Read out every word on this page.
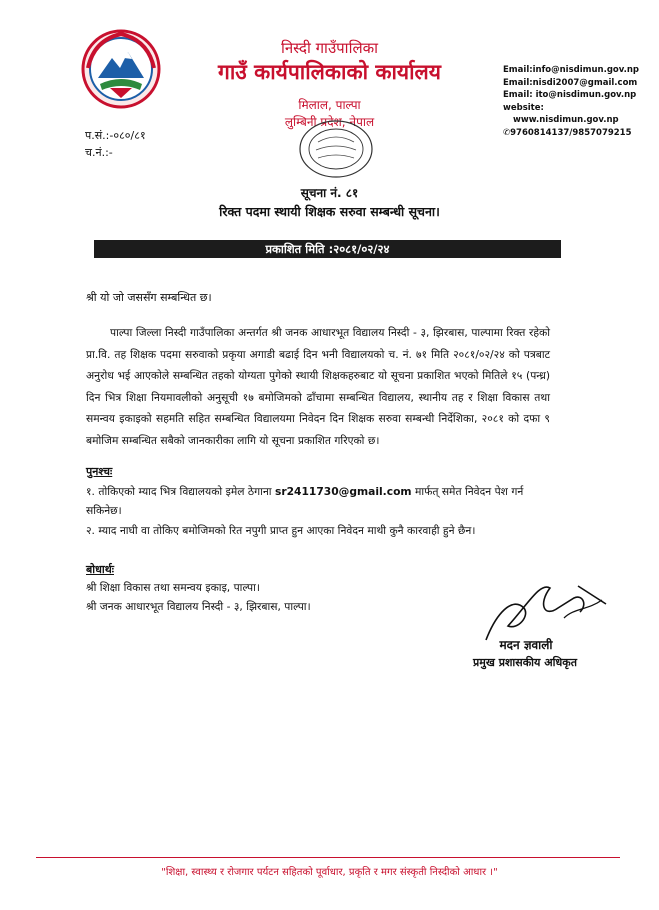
निस्दी गाउँपालिका
गाउँ कार्यपालिकाको कार्यालय
मिलाल, पाल्पा
लुम्बिनी प्रदेश, नेपाल
Email:info@nisdimun.gov.np
Email:nisdi2007@gmail.com
Email: ito@nisdimun.gov.np
website:
www.nisdimun.gov.np
✆9760814137/9857079215
प.सं.:-०८०/८१
च.नं.:-
सूचना नं. ८१
रिक्त पदमा स्थायी शिक्षक सरुवा सम्बन्धी सूचना।
प्रकाशित मिति :२०८१/०२/२४
श्री यो जो जससँग सम्बन्धित छ।
पाल्पा जिल्ला निस्दी गाउँपालिका अन्तर्गत श्री जनक आधारभूत विद्यालय निस्दी - ३, झिरबास, पाल्पामा रिक्त रहेको प्रा.वि. तह शिक्षक पदमा सरुवाको प्रकृया अगाडी बढाई दिन भनी विद्यालयको च. नं. ७१ मिति २०८१/०२/२४ को पत्रबाट अनुरोध भई आएकोले सम्बन्धित तहको योग्यता पुगेको स्थायी शिक्षकहरुबाट यो सूचना प्रकाशित भएको मितिले १५ (पन्ध्र) दिन भित्र शिक्षा नियमावलीको अनुसूची १७ बमोजिमको ढाँचामा सम्बन्धित विद्यालय, स्थानीय तह र शिक्षा विकास तथा समन्वय इकाइको सहमति सहित सम्बन्धित विद्यालयमा निवेदन दिन शिक्षक सरुवा सम्बन्धी निर्देशिका, २०८१ को दफा ९ बमोजिम सम्बन्धित सबैको जानकारीका लागि यो सूचना प्रकाशित गरिएको छ।
पुनश्चः
१. तोकिएको म्याद भित्र विद्यालयको इमेल ठेगाना sr2411730@gmail.com मार्फत् समेत निवेदन पेश गर्न सकिनेछ।
२. म्याद नाघी वा तोकिए बमोजिमको रित नपुगी प्राप्त हुन आएका निवेदन माथी कुनै कारवाही हुने छैन।
बोधार्थः
श्री शिक्षा विकास तथा समन्वय इकाइ, पाल्पा।
श्री जनक आधारभूत विद्यालय निस्दी - ३, झिरबास, पाल्पा।
मदन ज्ञवाली
प्रमुख प्रशासकीय अधिकृत
"शिक्षा, स्वास्थ्य र रोजगार पर्यटन सहितको पूर्वाधार, प्रकृति र मगर संस्कृती निस्दीको आधार ।"
